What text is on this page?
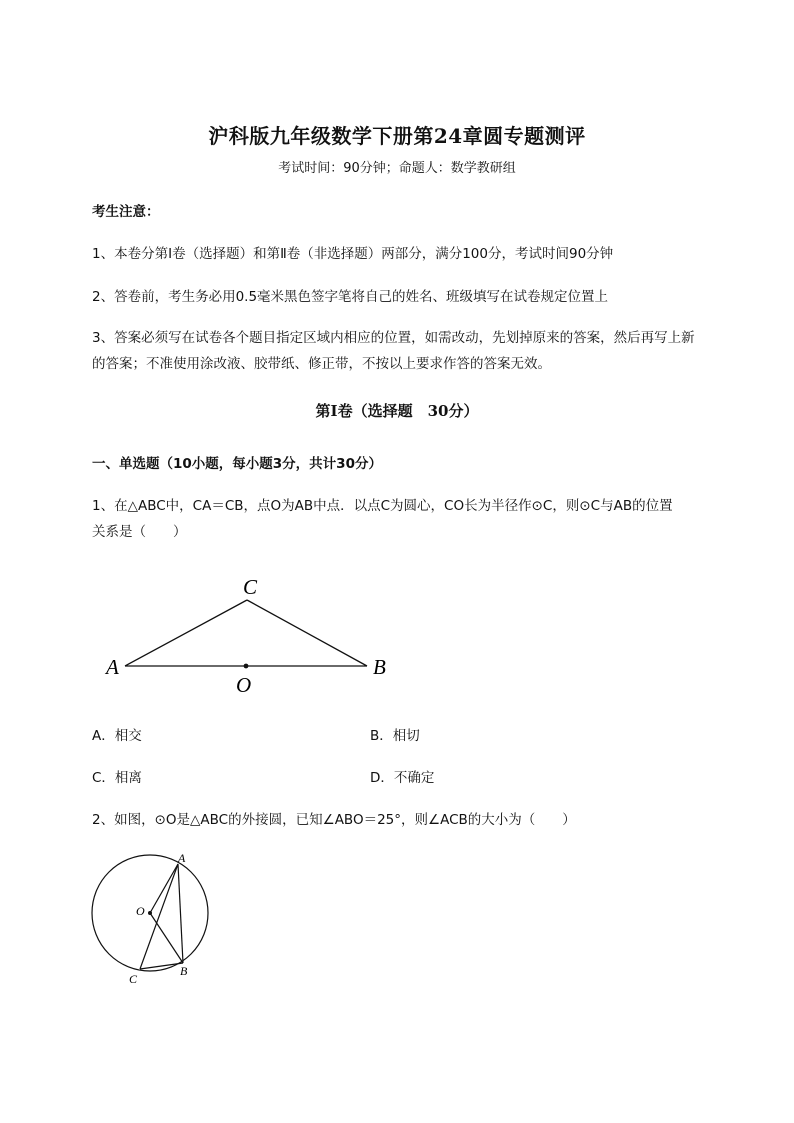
沪科版九年级数学下册第24章圆专题测评
考试时间：90分钟；命题人：数学教研组
考生注意：
1、本卷分第I卷（选择题）和第Ⅱ卷（非选择题）两部分，满分100分，考试时间90分钟
2、答卷前，考生务必用0.5毫米黑色签字笔将自己的姓名、班级填写在试卷规定位置上
3、答案必须写在试卷各个题目指定区域内相应的位置，如需改动，先划掉原来的答案，然后再写上新
的答案；不准使用涂改液、胶带纸、修正带，不按以上要求作答的答案无效。
第I卷（选择题　30分）
一、单选题（10小题，每小题3分，共计30分）
1、在△ABC中，CA＝CB，点O为AB中点．以点C为圆心，CO长为半径作⊙C，则⊙C与AB的位置
关系是（　　）
C
A	B
O
A．相交	B．相切
C．相离	D．不确定
2、如图，⊙O是△ABC的外接圆，已知∠ABO＝25°，则∠ACB的大小为（　　）
A
O
B
C
